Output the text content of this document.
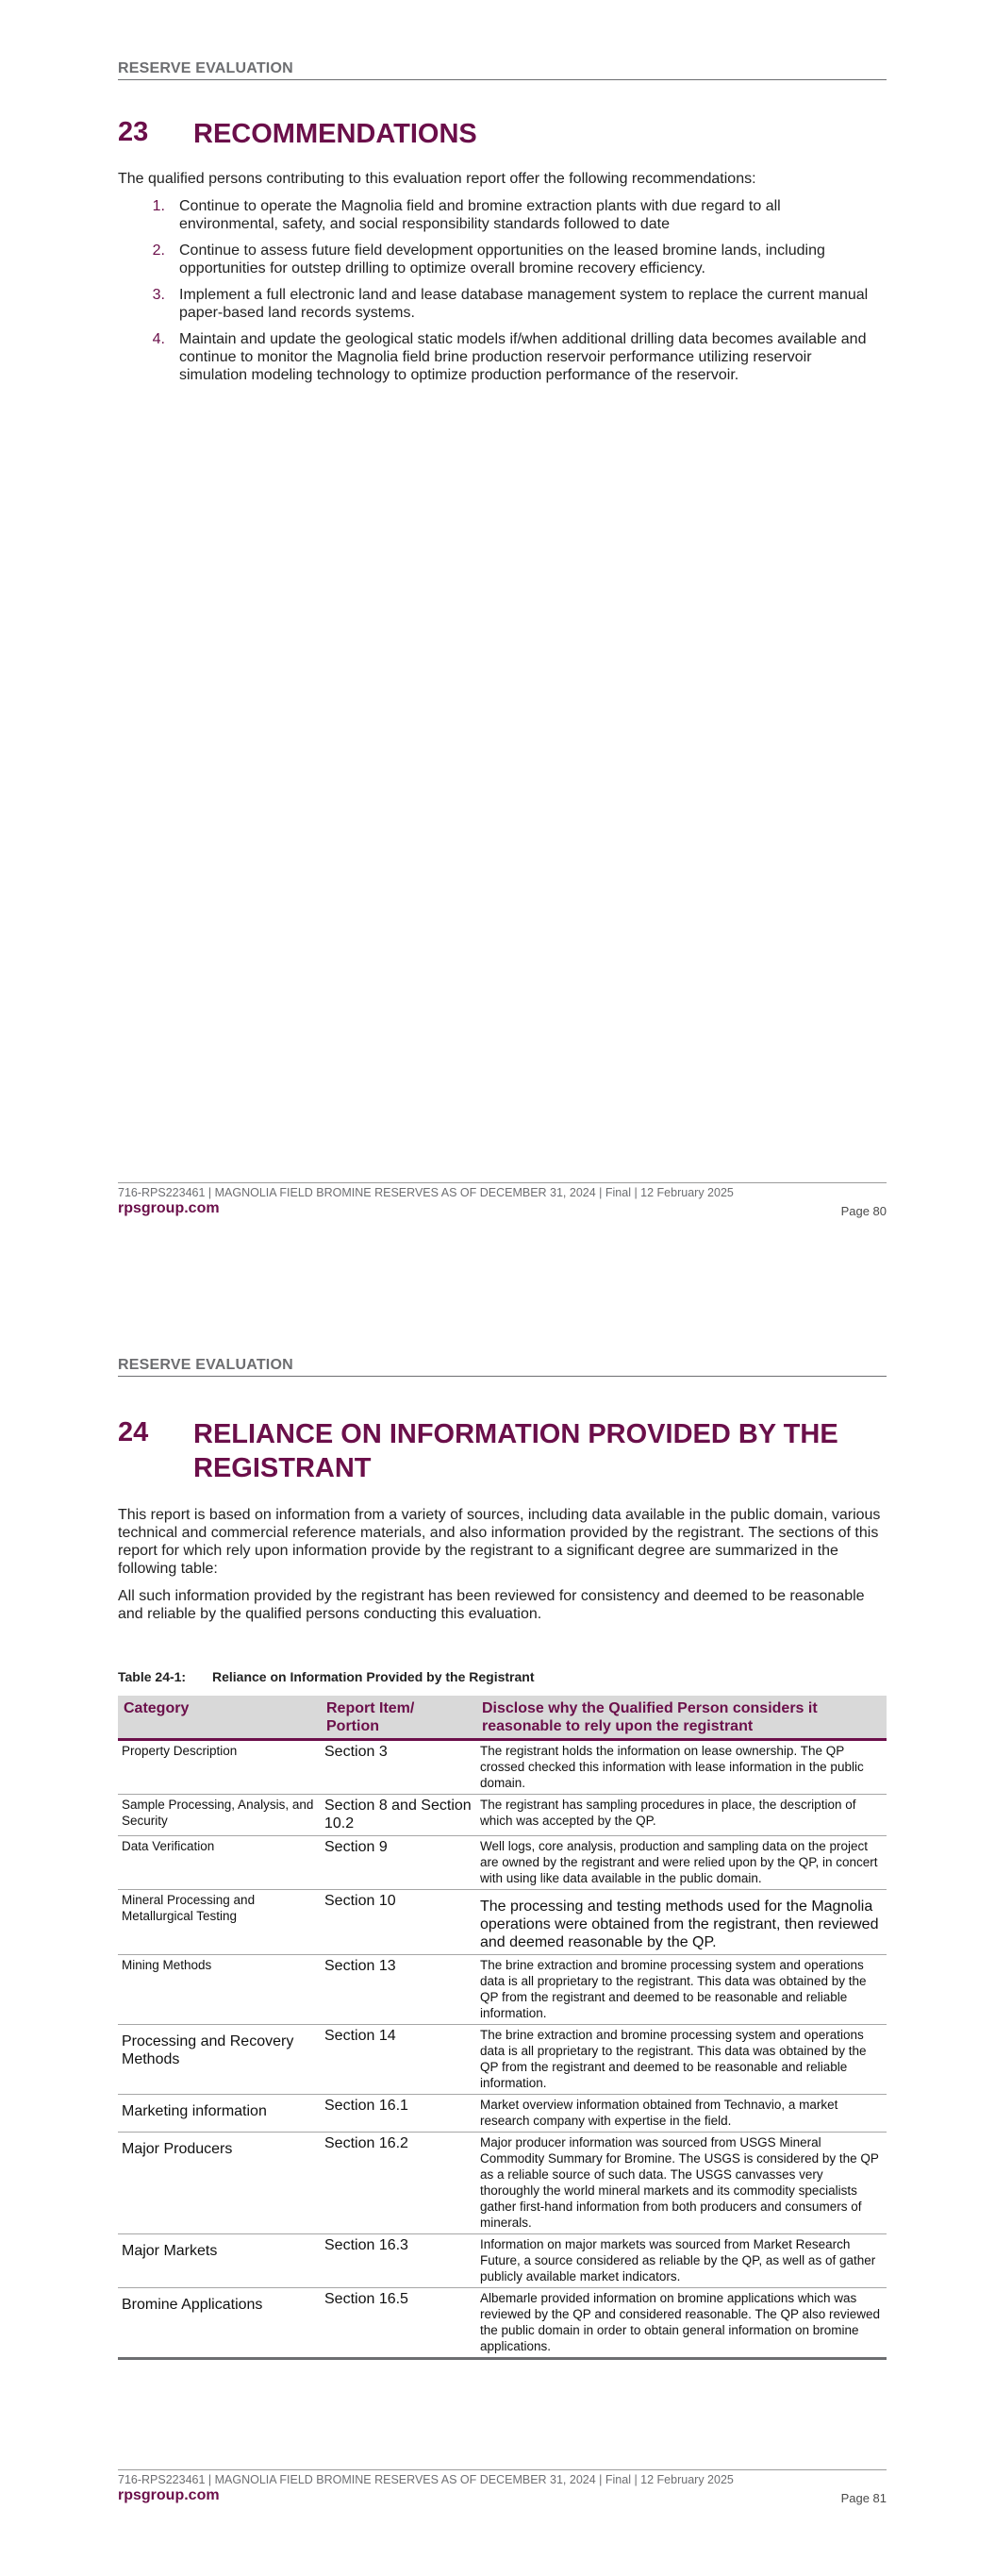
RESERVE EVALUATION
23	RECOMMENDATIONS

The qualified persons contributing to this evaluation report offer the following recommendations:

1. Continue to operate the Magnolia field and bromine extraction plants with due regard to all environmental, safety, and social responsibility standards followed to date
2. Continue to assess future field development opportunities on the leased bromine lands, including opportunities for outstep drilling to optimize overall bromine recovery efficiency.
3. Implement a full electronic land and lease database management system to replace the current manual paper-based land records systems.
4. Maintain and update the geological static models if/when additional drilling data becomes available and continue to monitor the Magnolia field brine production reservoir performance utilizing reservoir simulation modeling technology to optimize production performance of the reservoir.
716-RPS223461 | MAGNOLIA FIELD BROMINE RESERVES AS OF DECEMBER 31, 2024 | Final | 12 February 2025
rpsgroup.com	Page 80
RESERVE EVALUATION
24	RELIANCE ON INFORMATION PROVIDED BY THE REGISTRANT

This report is based on information from a variety of sources, including data available in the public domain, various technical and commercial reference materials, and also information provided by the registrant. The sections of this report for which rely upon information provide by the registrant to a significant degree are summarized in the following table:

All such information provided by the registrant has been reviewed for consistency and deemed to be reasonable and reliable by the qualified persons conducting this evaluation.

Table 24-1: Reliance on Information Provided by the Registrant
Category	Report Item/ Portion	Disclose why the Qualified Person considers it reasonable to rely upon the registrant
Property Description	Section 3	The registrant holds the information on lease ownership. The QP crossed checked this information with lease information in the public domain.
Sample Processing, Analysis, and Security	Section 8 and Section 10.2	The registrant has sampling procedures in place, the description of which was accepted by the QP.
Data Verification	Section 9	Well logs, core analysis, production and sampling data on the project are owned by the registrant and were relied upon by the QP, in concert with using like data available in the public domain.
Mineral Processing and Metallurgical Testing	Section 10	The processing and testing methods used for the Magnolia operations were obtained from the registrant, then reviewed and deemed reasonable by the QP.
Mining Methods	Section 13	The brine extraction and bromine processing system and operations data is all proprietary to the registrant. This data was obtained by the QP from the registrant and deemed to be reasonable and reliable information.
Processing and Recovery Methods	Section 14	The brine extraction and bromine processing system and operations data is all proprietary to the registrant. This data was obtained by the QP from the registrant and deemed to be reasonable and reliable information.
Marketing information	Section 16.1	Market overview information obtained from Technavio, a market research company with expertise in the field.
Major Producers	Section 16.2	Major producer information was sourced from USGS Mineral Commodity Summary for Bromine. The USGS is considered by the QP as a reliable source of such data. The USGS canvasses very thoroughly the world mineral markets and its commodity specialists gather first-hand information from both producers and consumers of minerals.
Major Markets	Section 16.3	Information on major markets was sourced from Market Research Future, a source considered as reliable by the QP, as well as of gather publicly available market indicators.
Bromine Applications	Section 16.5	Albemarle provided information on bromine applications which was reviewed by the QP and considered reasonable. The QP also reviewed the public domain in order to obtain general information on bromine applications.
716-RPS223461 | MAGNOLIA FIELD BROMINE RESERVES AS OF DECEMBER 31, 2024 | Final | 12 February 2025
rpsgroup.com	Page 81
